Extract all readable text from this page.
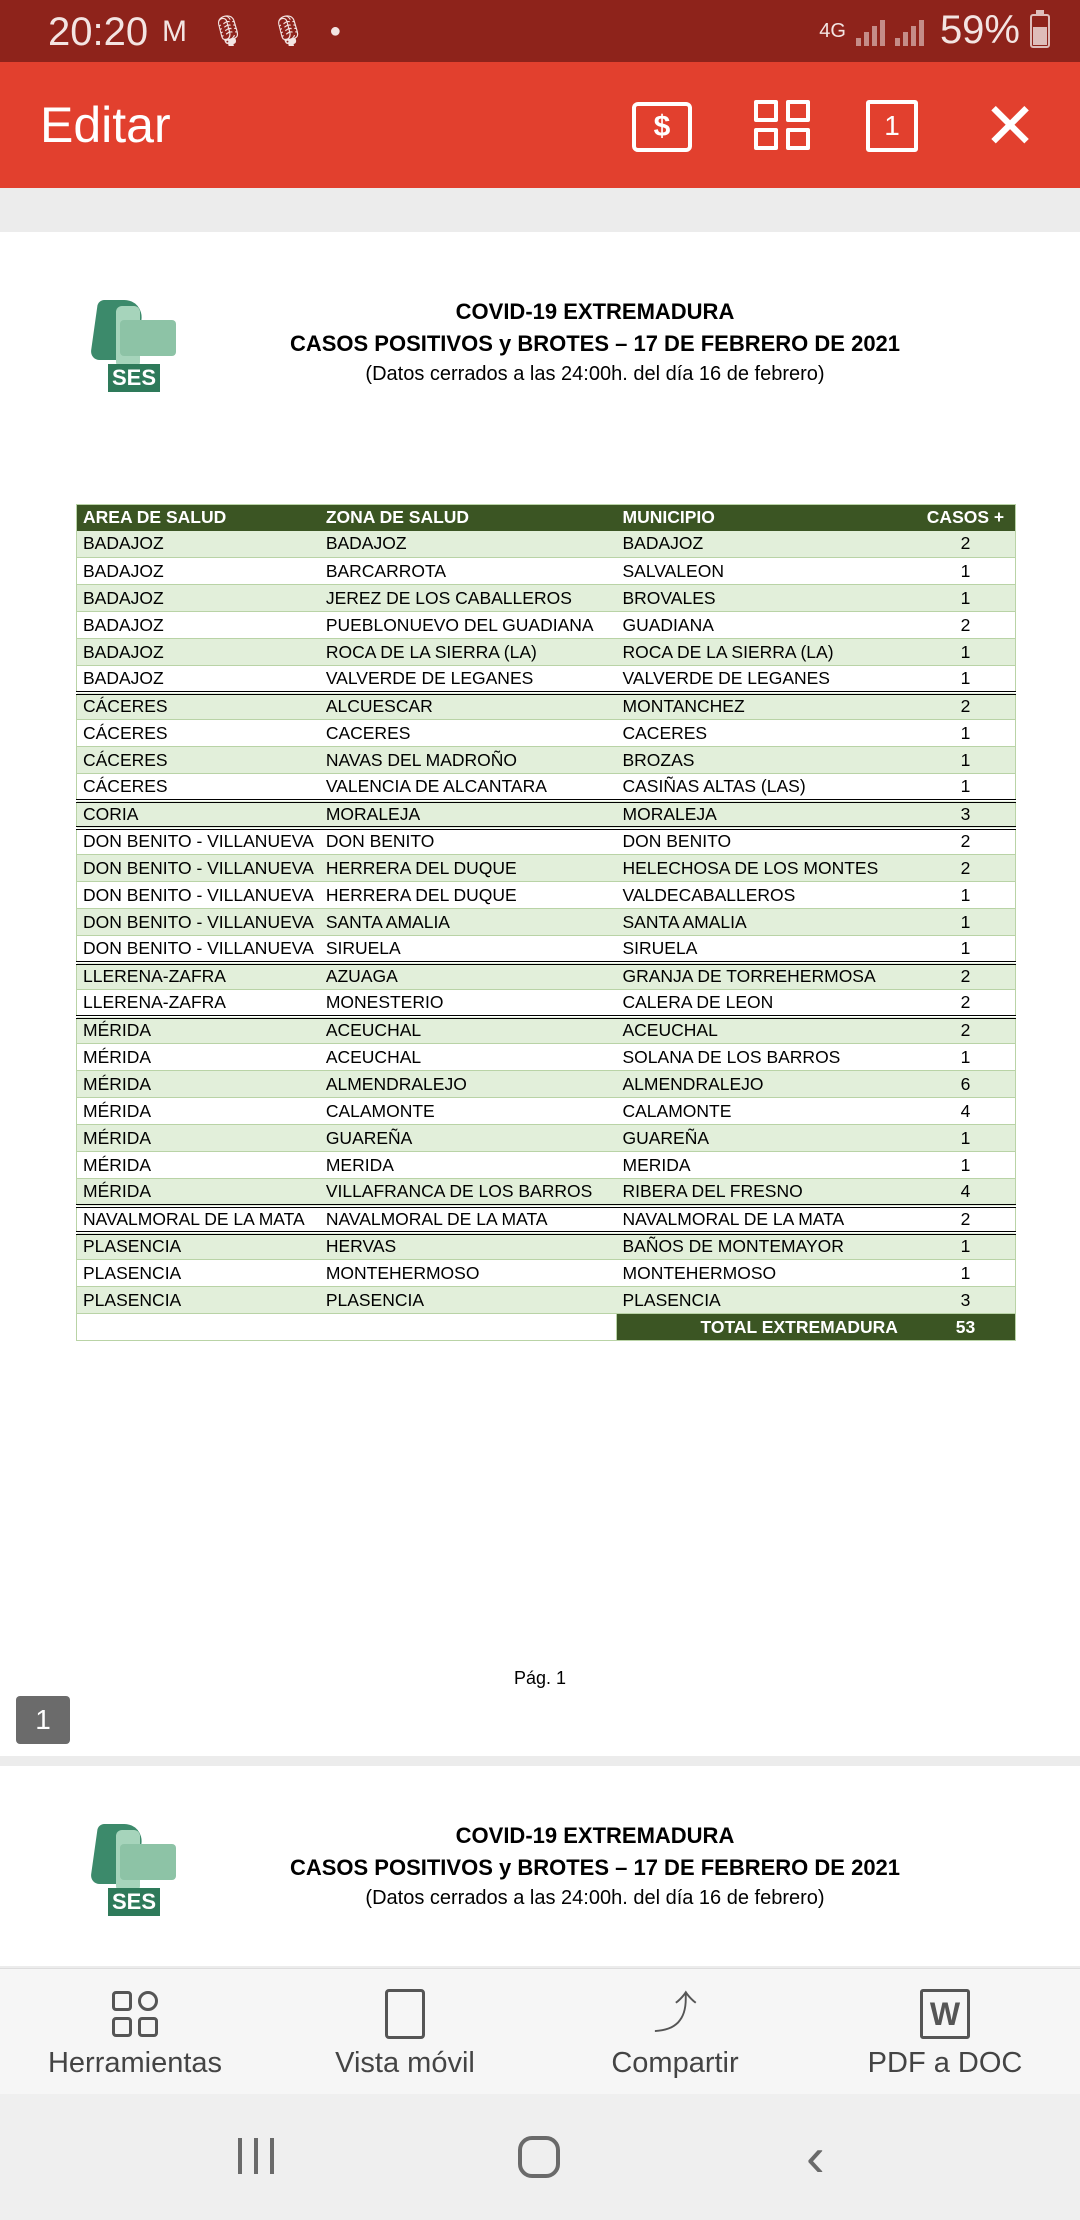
20:20 M 🎙︎ 🎙︎ ●	4G 59%
Editar	$	1 ✕
SES
COVID-19 EXTREMADURA
CASOS POSITIVOS y BROTES – 17 DE FEBRERO DE 2021
(Datos cerrados a las 24:00h. del día 16 de febrero)
AREA DE SALUD	ZONA DE SALUD	MUNICIPIO	CASOS +
BADAJOZ	BADAJOZ	BADAJOZ	2
BADAJOZ	BARCARROTA	SALVALEON	1
BADAJOZ	JEREZ DE LOS CABALLEROS	BROVALES	1
BADAJOZ	PUEBLONUEVO DEL GUADIANA	GUADIANA	2
BADAJOZ	ROCA DE LA SIERRA (LA)	ROCA DE LA SIERRA (LA)	1
BADAJOZ	VALVERDE DE LEGANES	VALVERDE DE LEGANES	1
CÁCERES	ALCUESCAR	MONTANCHEZ	2
CÁCERES	CACERES	CACERES	1
CÁCERES	NAVAS DEL MADROÑO	BROZAS	1
CÁCERES	VALENCIA DE ALCANTARA	CASIÑAS ALTAS (LAS)	1
CORIA	MORALEJA	MORALEJA	3
DON BENITO - VILLANUEVA	DON BENITO	DON BENITO	2
DON BENITO - VILLANUEVA	HERRERA DEL DUQUE	HELECHOSA DE LOS MONTES	2
DON BENITO - VILLANUEVA	HERRERA DEL DUQUE	VALDECABALLEROS	1
DON BENITO - VILLANUEVA	SANTA AMALIA	SANTA AMALIA	1
DON BENITO - VILLANUEVA	SIRUELA	SIRUELA	1
LLERENA-ZAFRA	AZUAGA	GRANJA DE TORREHERMOSA	2
LLERENA-ZAFRA	MONESTERIO	CALERA DE LEON	2
MÉRIDA	ACEUCHAL	ACEUCHAL	2
MÉRIDA	ACEUCHAL	SOLANA DE LOS BARROS	1
MÉRIDA	ALMENDRALEJO	ALMENDRALEJO	6
MÉRIDA	CALAMONTE	CALAMONTE	4
MÉRIDA	GUAREÑA	GUAREÑA	1
MÉRIDA	MERIDA	MERIDA	1
MÉRIDA	VILLAFRANCA DE LOS BARROS	RIBERA DEL FRESNO	4
NAVALMORAL DE LA MATA	NAVALMORAL DE LA MATA	NAVALMORAL DE LA MATA	2
PLASENCIA	HERVAS	BAÑOS DE MONTEMAYOR	1
PLASENCIA	MONTEHERMOSO	MONTEHERMOSO	1
PLASENCIA	PLASENCIA	PLASENCIA	3
		TOTAL EXTREMADURA	53
Pág. 1
SES
COVID-19 EXTREMADURA
CASOS POSITIVOS y BROTES – 17 DE FEBRERO DE 2021
(Datos cerrados a las 24:00h. del día 16 de febrero)
1
Herramientas	Vista móvil
⤴
Compartir
W
PDF a DOC
‹
